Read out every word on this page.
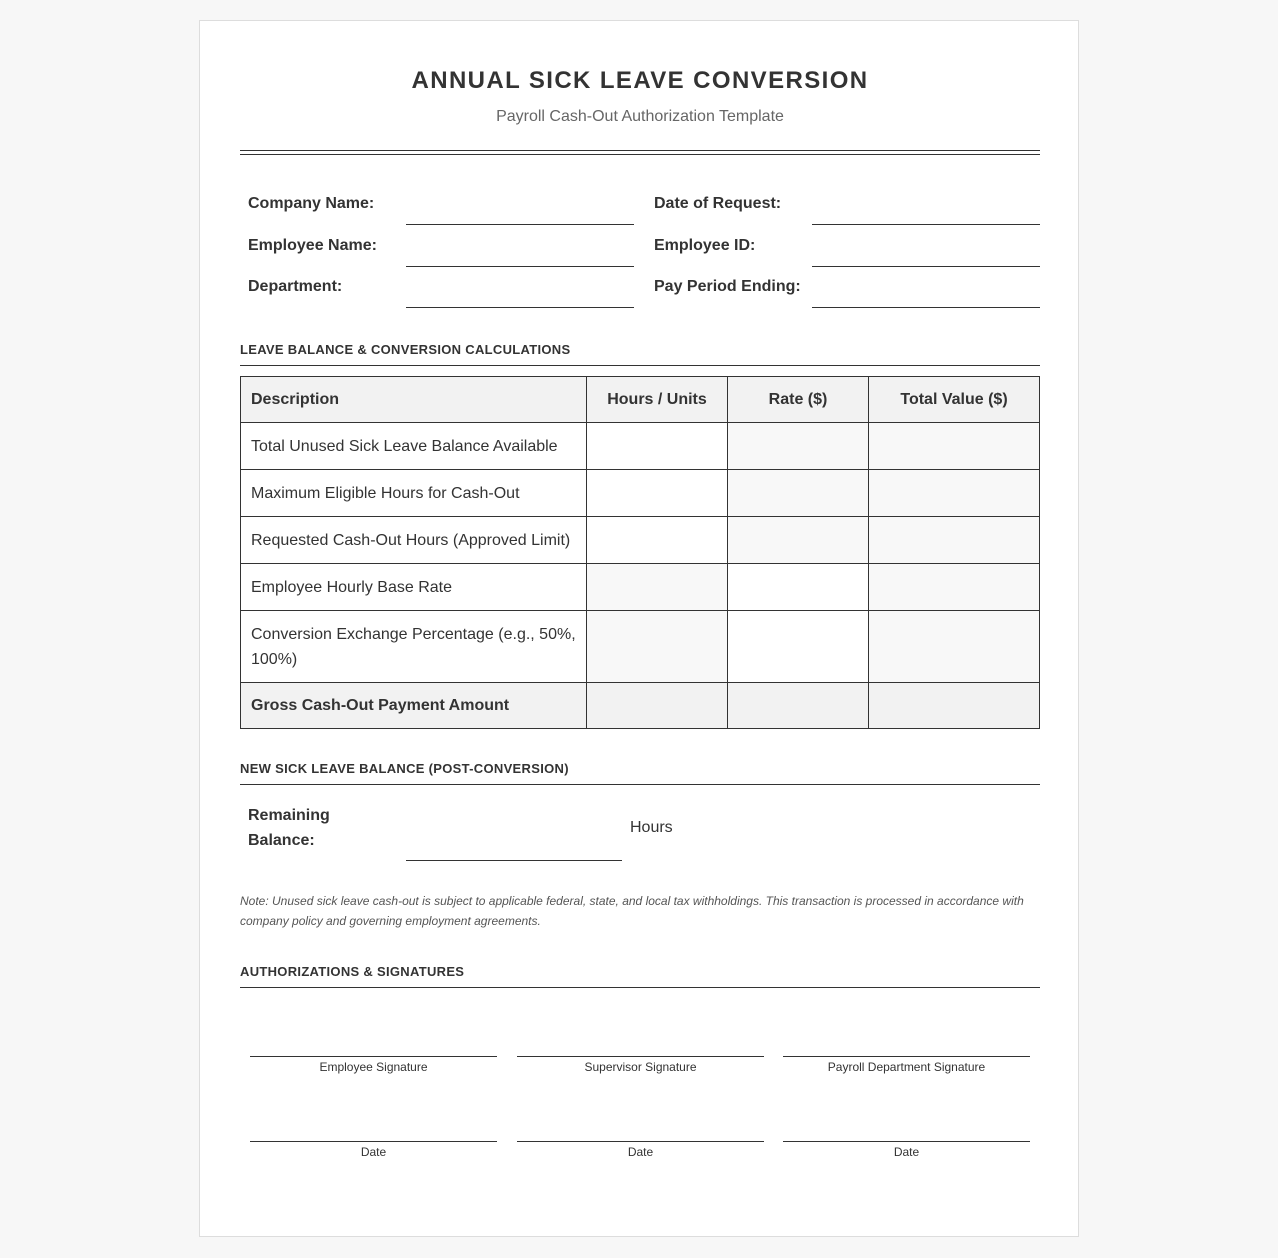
ANNUAL SICK LEAVE CONVERSION
Payroll Cash-Out Authorization Template
Company Name:	Date of Request:
Employee Name:	Employee ID:
Department:	Pay Period Ending:
LEAVE BALANCE & CONVERSION CALCULATIONS
Description	Hours / Units	Rate ($)	Total Value ($)
Total Unused Sick Leave Balance Available			
Maximum Eligible Hours for Cash-Out			
Requested Cash-Out Hours (Approved Limit)			
Employee Hourly Base Rate			
Conversion Exchange Percentage (e.g., 50%, 100%)			
Gross Cash-Out Payment Amount			
NEW SICK LEAVE BALANCE (POST-CONVERSION)
Remaining Balance:
Hours
Note: Unused sick leave cash-out is subject to applicable federal, state, and local tax withholdings. This transaction is processed in accordance with company policy and governing employment agreements.
AUTHORIZATIONS & SIGNATURES
Employee Signature	Supervisor Signature	Payroll Department Signature
Date	Date	Date
